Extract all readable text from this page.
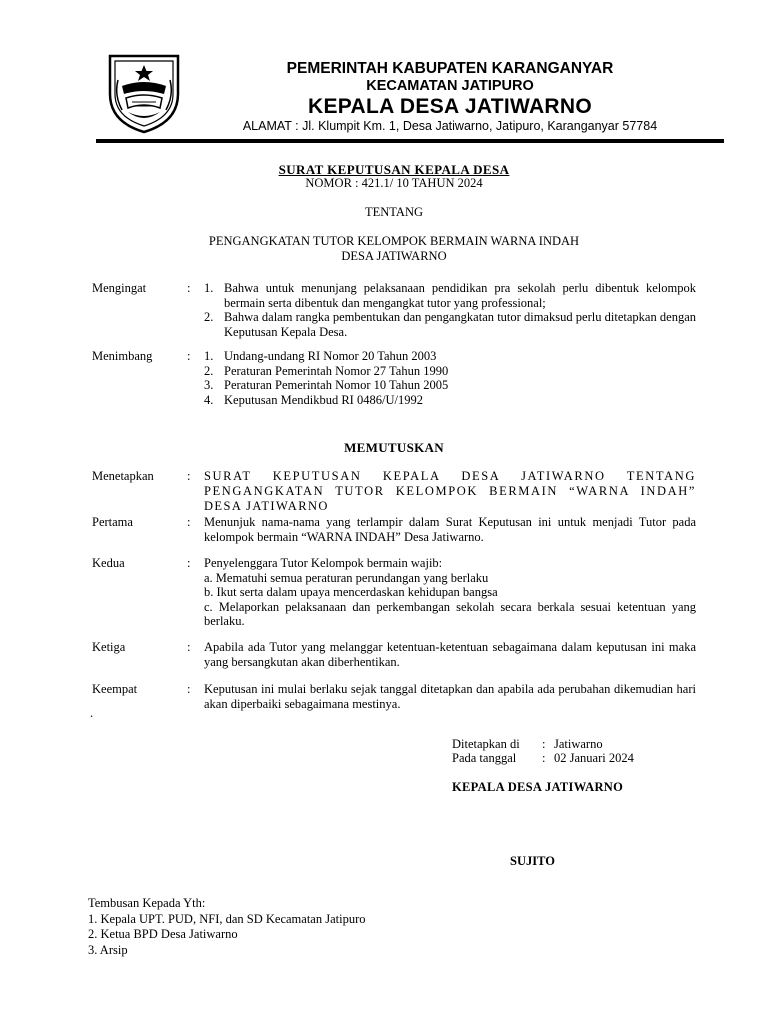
PEMERINTAH KABUPATEN KARANGANYAR
KECAMATAN JATIPURO
KEPALA DESA JATIWARNO
ALAMAT : Jl. Klumpit Km. 1, Desa Jatiwarno, Jatipuro, Karanganyar 57784
SURAT KEPUTUSAN KEPALA DESA
NOMOR : 421.1/ 10 TAHUN 2024
TENTANG
PENGANGKATAN TUTOR KELOMPOK BERMAIN WARNA INDAH
DESA JATIWARNO
Mengingat	:	1. Bahwa untuk menunjang pelaksanaan pendidikan pra sekolah perlu dibentuk kelompok bermain serta dibentuk dan mengangkat tutor yang professional;
2. Bahwa dalam rangka pembentukan dan pengangkatan tutor dimaksud perlu ditetapkan dengan Keputusan Kepala Desa.
Menimbang	:	1. Undang-undang RI Nomor 20 Tahun 2003
2. Peraturan Pemerintah Nomor 27 Tahun 1990
3. Peraturan Pemerintah Nomor 10 Tahun 2005
4. Keputusan Mendikbud RI 0486/U/1992
MEMUTUSKAN
Menetapkan	:	SURAT KEPUTUSAN KEPALA DESA JATIWARNO TENTANG
PENGANGKATAN TUTOR KELOMPOK BERMAIN “WARNA INDAH”
DESA JATIWARNO
Pertama	:	Menunjuk nama-nama yang terlampir dalam Surat Keputusan ini untuk menjadi Tutor pada kelompok bermain “WARNA INDAH” Desa Jatiwarno.
Kedua	:	Penyelenggara Tutor Kelompok bermain wajib:
a. Mematuhi semua peraturan perundangan yang berlaku
b. Ikut serta dalam upaya mencerdaskan kehidupan bangsa
c. Melaporkan pelaksanaan dan perkembangan sekolah secara berkala sesuai ketentuan yang berlaku.
Ketiga	:	Apabila ada Tutor yang melanggar ketentuan-ketentuan sebagaimana dalam keputusan ini maka yang bersangkutan akan diberhentikan.
Keempat	:	Keputusan ini mulai berlaku sejak tanggal ditetapkan dan apabila ada perubahan dikemudian hari akan diperbaiki sebagaimana mestinya.
.
Ditetapkan di	: Jatiwarno
Pada tanggal	: 02 Januari 2024
KEPALA DESA JATIWARNO
SUJITO
Tembusan Kepada Yth:
1. Kepala UPT. PUD, NFI, dan SD Kecamatan Jatipuro
2. Ketua BPD Desa Jatiwarno
3. Arsip
